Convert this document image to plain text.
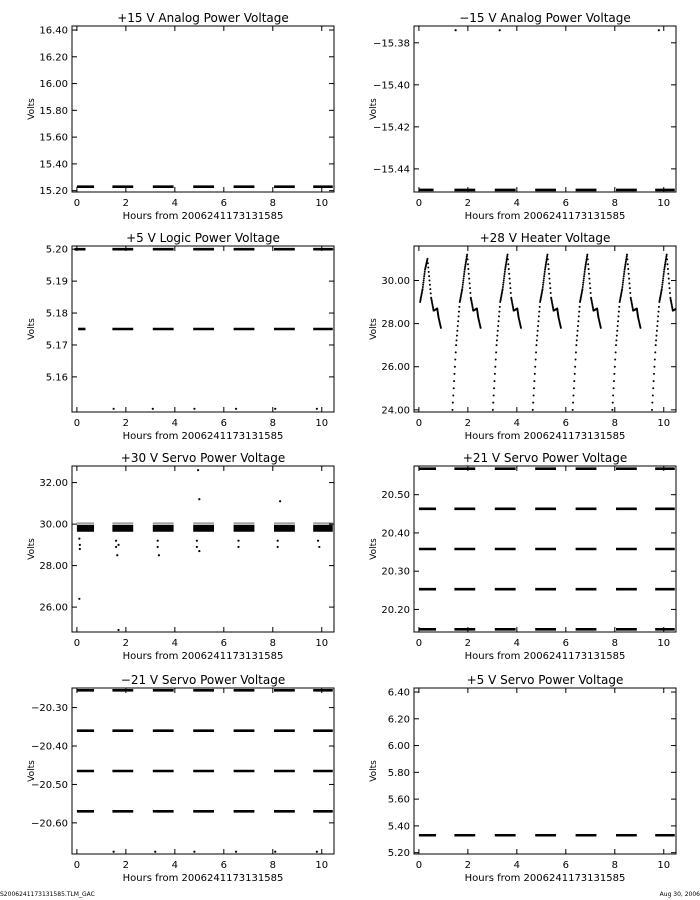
+15 V Analog Power Voltage
0	2	4	6	8	10
15.20
15.40
15.60
15.80
16.00
16.20
16.40
Hours from 2006241173131585
Volts
−15 V Analog Power Voltage
0	2	4	6	8	10
−15.44
−15.42
−15.40
−15.38
Hours from 2006241173131585
Volts
+5 V Logic Power Voltage
0	2	4	6	8	10
5.16
5.17
5.18
5.19
5.20
Hours from 2006241173131585
Volts
+28 V Heater Voltage
0	2	4	6	8	10
24.00
26.00
28.00
30.00
Hours from 2006241173131585
Volts
+30 V Servo Power Voltage
0	2	4	6	8	10
26.00
28.00
30.00
32.00
Hours from 2006241173131585
Volts
+21 V Servo Power Voltage
0	2	4	6	8	10
20.20
20.30
20.40
20.50
Hours from 2006241173131585
Volts
−21 V Servo Power Voltage
0	2	4	6	8	10
−20.60
−20.50
−20.40
−20.30
Hours from 2006241173131585
Volts
+5 V Servo Power Voltage
0	2	4	6	8	10
5.20
5.40
5.60
5.80
6.00
6.20
6.40
Hours from 2006241173131585
Volts
S2006241173131585.TLM_GAC	Aug 30, 2006
